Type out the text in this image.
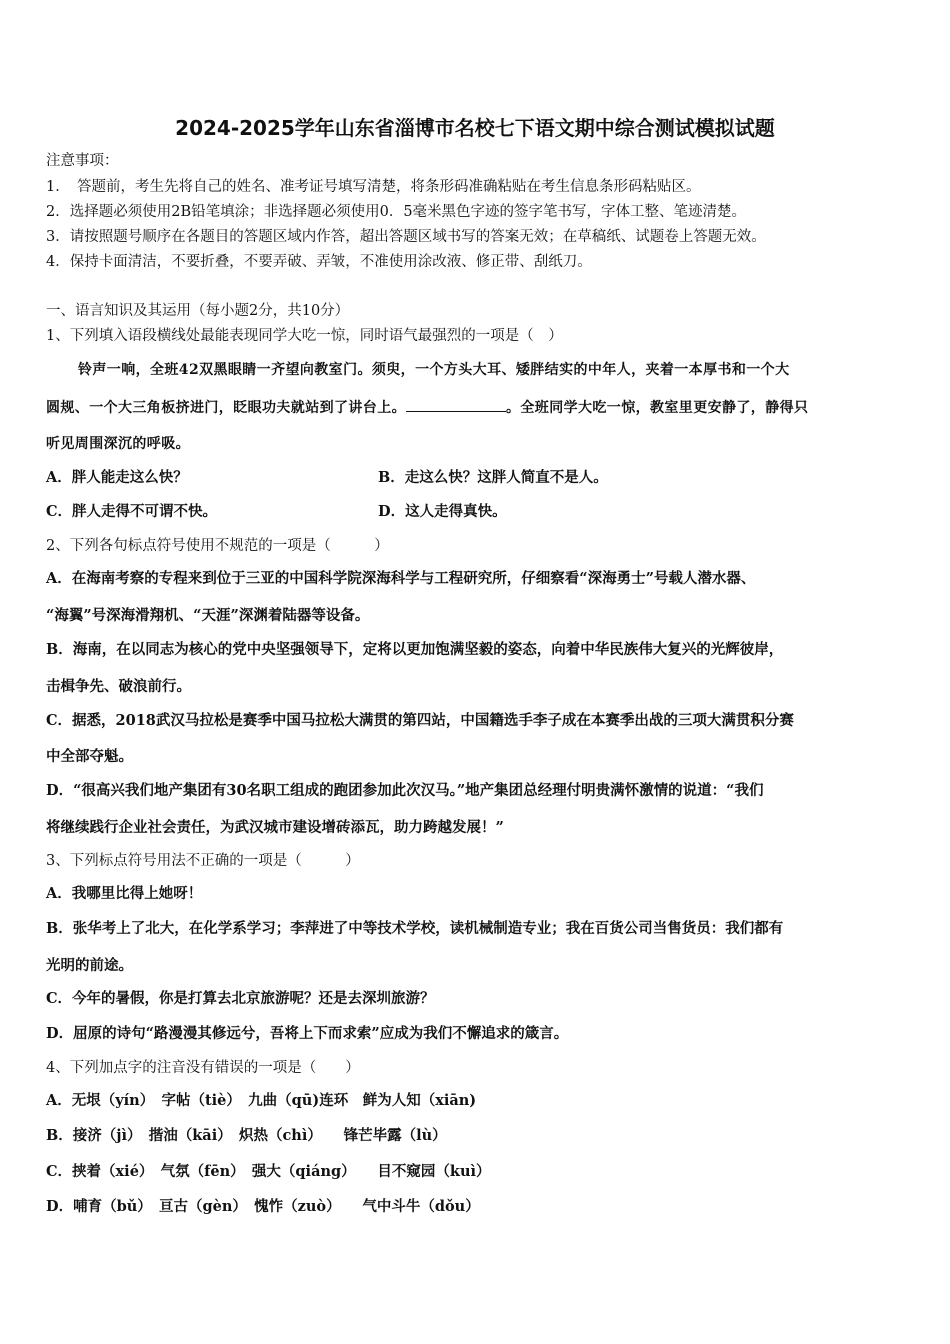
2024-2025学年山东省淄博市名校七下语文期中综合测试模拟试题
注意事项：
1．　答题前，考生先将自己的姓名、准考证号填写清楚，将条形码准确粘贴在考生信息条形码粘贴区。
2．选择题必须使用2B铅笔填涂；非选择题必须使用0．5毫米黑色字迹的签字笔书写，字体工整、笔迹清楚。
3．请按照题号顺序在各题目的答题区域内作答，超出答题区域书写的答案无效；在草稿纸、试题卷上答题无效。
4．保持卡面清洁，不要折叠，不要弄破、弄皱，不准使用涂改液、修正带、刮纸刀。
一、语言知识及其运用（每小题2分，共10分）
1、下列填入语段横线处最能表现同学大吃一惊，同时语气最强烈的一项是（　）
铃声一响，全班42双黑眼睛一齐望向教室门。须臾，一个方头大耳、矮胖结实的中年人，夹着一本厚书和一个大
圆规、一个大三角板挤进门，眨眼功夫就站到了讲台上。	。全班同学大吃一惊，教室里更安静了，静得只
听见周围深沉的呼吸。
A．胖人能走这么快？	B．走这么快？这胖人简直不是人。
C．胖人走得不可谓不快。	D．这人走得真快。
2、下列各句标点符号使用不规范的一项是（　　　）
A．在海南考察的专程来到位于三亚的中国科学院深海科学与工程研究所，仔细察看“深海勇士”号载人潜水器、
“海翼”号深海滑翔机、“天涯”深渊着陆器等设备。
B．海南，在以同志为核心的党中央坚强领导下，定将以更加饱满坚毅的姿态，向着中华民族伟大复兴的光辉彼岸，
击楫争先、破浪前行。
C．据悉，2018武汉马拉松是赛季中国马拉松大满贯的第四站，中国籍选手李子成在本赛季出战的三项大满贯积分赛
中全部夺魁。
D．“很高兴我们地产集团有30名职工组成的跑团参加此次汉马。”地产集团总经理付明贵满怀激情的说道：“我们
将继续践行企业社会责任，为武汉城市建设增砖添瓦，助力跨越发展！”
3、下列标点符号用法不正确的一项是（　　　）
A．我哪里比得上她呀！
B．张华考上了北大，在化学系学习；李萍进了中等技术学校，读机械制造专业；我在百货公司当售货员：我们都有
光明的前途。
C．今年的暑假，你是打算去北京旅游呢？还是去深圳旅游？
D．屈原的诗句“路漫漫其修远兮，吾将上下而求索”应成为我们不懈追求的箴言。
4、下列加点字的注音没有错误的一项是（　　）
A．无垠（yín）　字帖（tiè）　九曲（qū)连环　鲜为人知（xiān)
B．接济（jì）　揩油（kāi）　炽热（chì）　　锋芒毕露（lù）
C．挟着（xié）　气氛（fēn）　强大（qiáng）　　目不窥园（kuì）
D．哺育（bǔ）　亘古（gèn）　愧怍（zuò）　　气中斗牛（dǒu）
